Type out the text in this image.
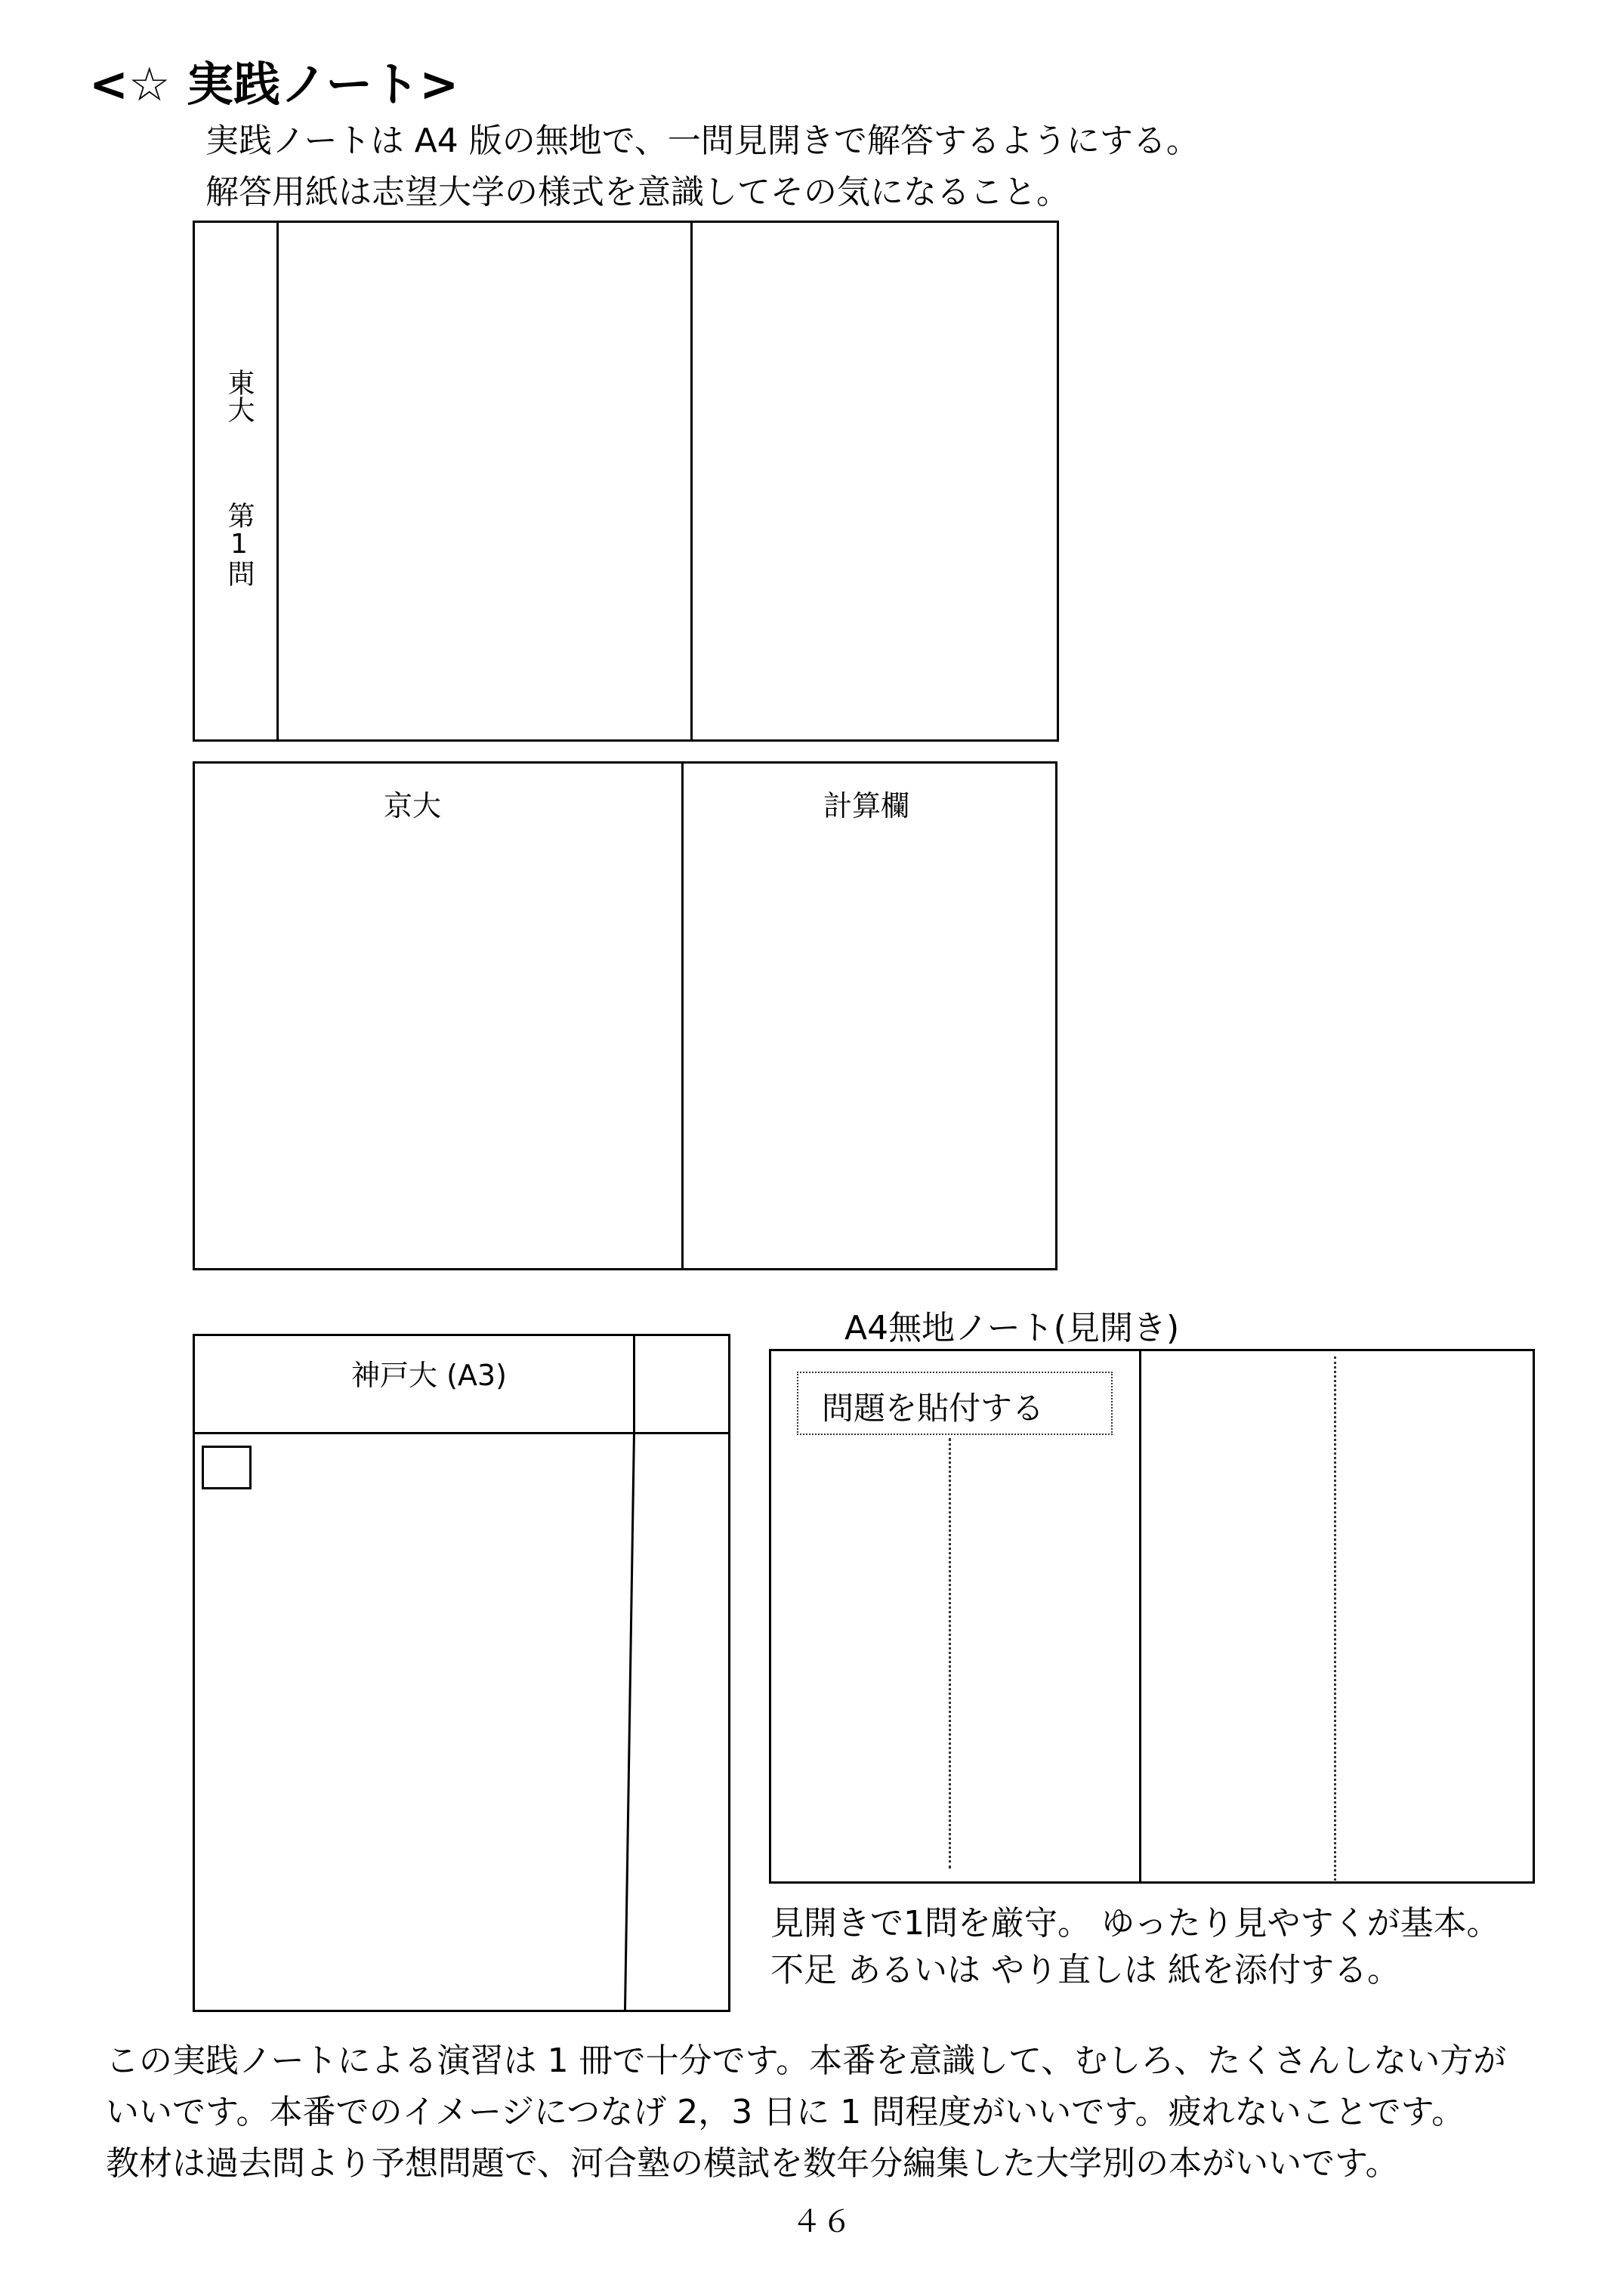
<☆ 実践ノート>
実践ノートは A4 版の無地で、一問見開きで解答するようにする。
解答用紙は志望大学の様式を意識してその気になること。
東大
第1問
京大	計算欄
神戸大 (A3)
A4無地ノート(見開き)
問題を貼付する
見開きで1問を厳守。 ゆったり見やすくが基本。
不足 あるいは やり直しは 紙を添付する。
この実践ノートによる演習は 1 冊で十分です。本番を意識して、むしろ、たくさんしない方が
いいです。本番でのイメージにつなげ 2，3 日に 1 問程度がいいです。疲れないことです。
教材は過去問より予想問題で、河合塾の模試を数年分編集した大学別の本がいいです。
４６
